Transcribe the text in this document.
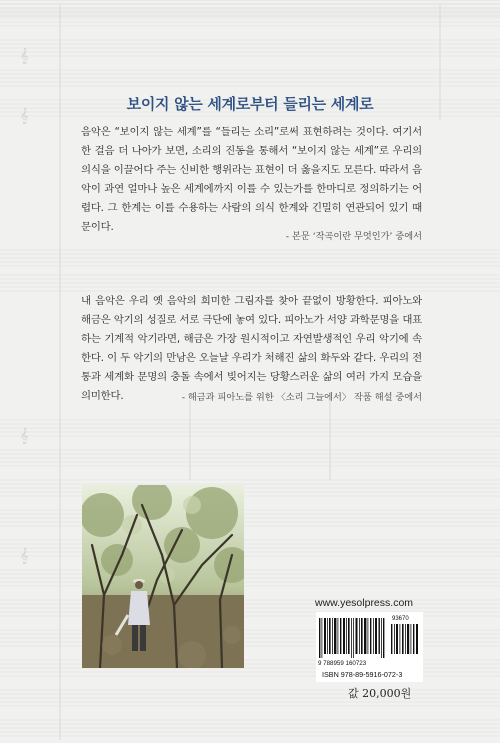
𝄞
𝄞
𝄞
𝄞
보이지 않는 세계로부터 들리는 세계로
음악은 “보이지 않는 세계”를 “들리는 소리”로써 표현하려는 것이다. 여기서 한 걸음 더 나아가 보면, 소리의 진동을 통해서 “보이지 않는 세계”로 우리의 의식을 이끌어다 주는 신비한 행위라는 표현이 더 옳을지도 모른다. 따라서 음악이 과연 얼마나 높은 세계에까지 이를 수 있는가를 한마디로 정의하기는 어렵다. 그 한계는 이를 수용하는 사람의 의식 한계와 긴밀히 연관되어 있기 때문이다.
- 본문 ‘작곡이란 무엇인가’ 중에서
내 음악은 우리 옛 음악의 희미한 그림자를 찾아 끝없이 방황한다. 피아노와 해금은 악기의 성질로 서로 극단에 놓여 있다. 피아노가 서양 과학문명을 대표하는 기계적 악기라면, 해금은 가장 원시적이고 자연발생적인 우리 악기에 속한다. 이 두 악기의 만남은 오늘날 우리가 처해진 삶의 화두와 같다. 우리의 전통과 세계화 문명의 충돌 속에서 빚어지는 당황스러운 삶의 여러 가지 모습을 의미한다.	- 해금과 피아노를 위한 〈소리 그늘에서〉 작품 해설 중에서
www.yesolpress.com
93670
9 788959 160723
ISBN 978-89-5916-072-3
값 20,000원
